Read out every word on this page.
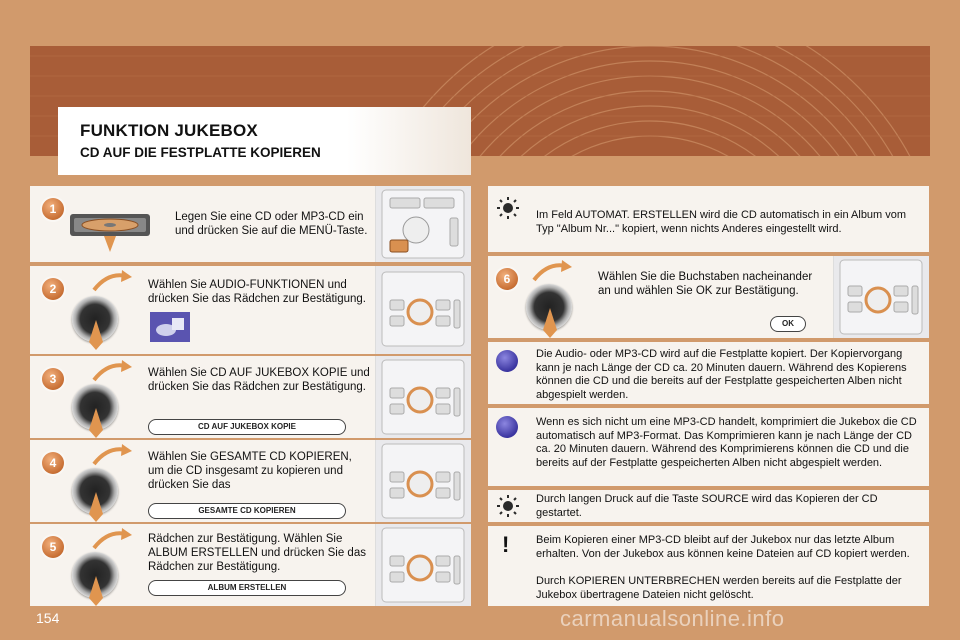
FUNKTION JUKEBOX
CD AUF DIE FESTPLATTE KOPIEREN
1
Legen Sie eine CD oder MP3-CD ein und drücken Sie auf die MENÜ-Taste.
2	Wählen Sie AUDIO-FUNKTIONEN und drücken Sie das Rädchen zur Bestätigung.
3	Wählen Sie CD AUF JUKEBOX KOPIE und drücken Sie das Rädchen zur Bestätigung.
CD AUF JUKEBOX KOPIE
4	Wählen Sie GESAMTE CD KOPIEREN, um die CD insgesamt zu kopieren und drücken Sie das
GESAMTE CD KOPIEREN
5
Rädchen zur Bestätigung. Wählen Sie ALBUM ERSTELLEN und drücken Sie das Rädchen zur Bestätigung.
ALBUM ERSTELLEN
Im Feld AUTOMAT. ERSTELLEN wird die CD automatisch in ein Album vom Typ "Album Nr..." kopiert, wenn nichts Anderes eingestellt wird.
6	Wählen Sie die Buchstaben nacheinander an und wählen Sie OK zur Bestätigung.
OK
Die Audio- oder MP3-CD wird auf die Festplatte kopiert. Der Kopiervorgang kann je nach Länge der CD ca. 20 Minuten dauern. Während des Kopierens können die CD und die bereits auf der Festplatte gespeicherten Alben nicht abgespielt werden.
Wenn es sich nicht um eine MP3-CD handelt, komprimiert die Jukebox die CD automatisch auf MP3-Format. Das Komprimieren kann je nach Länge der CD ca. 20 Minuten dauern. Während des Komprimierens können die CD und die bereits auf der Festplatte gespeicherten Alben nicht abgespielt werden.
Durch langen Druck auf die Taste SOURCE wird das Kopieren der CD gestartet.
!	Beim Kopieren einer MP3-CD bleibt auf der Jukebox nur das letzte Album erhalten. Von der Jukebox aus können keine Dateien auf CD kopiert werden.
Durch KOPIEREN UNTERBRECHEN werden bereits auf die Festplatte der Jukebox übertragene Dateien nicht gelöscht.
154	carmanualsonline.info
